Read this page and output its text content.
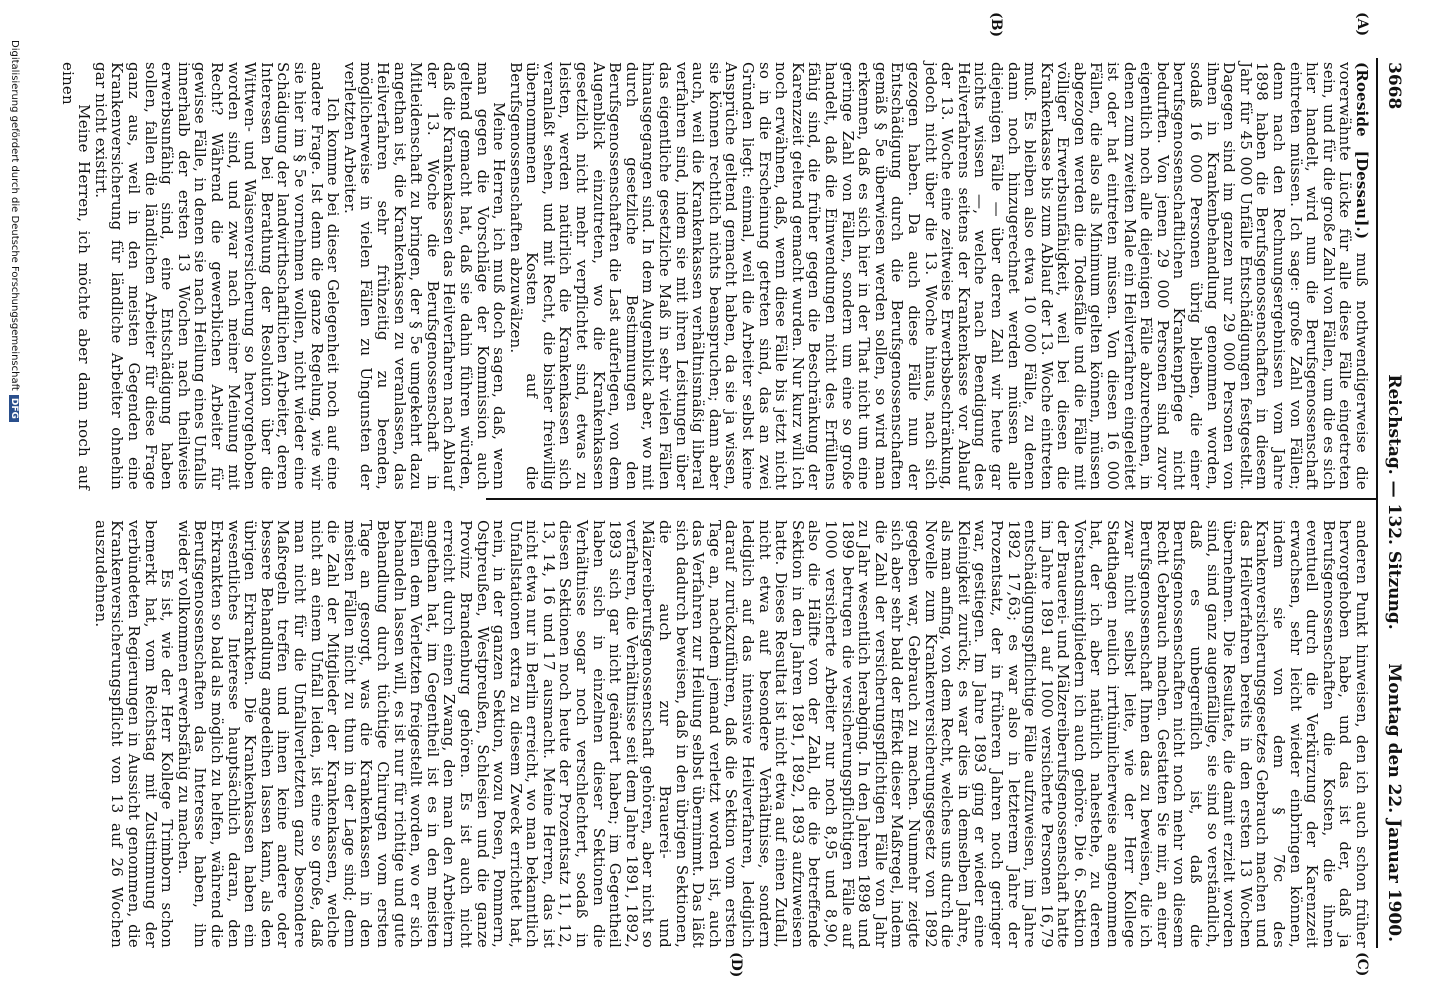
3668
Reichstag. — 132. Sitzung.
Montag den 22. Januar 1900.
(A)
(B)
(C)
(D)
(Roeside [Dessau].) muß nothwendigerweise die vorerwähnte Lücke für alle diese Fälle eingetreten sein, und für die große Zahl von Fällen, um die es sich hier handelt, wird nun die Berufsgenossenschaft eintreten müssen. Ich sage: große Zahl von Fällen; denn nach den Rechnungsergebnissen vom Jahre 1898 haben die Berufsgenossenschaften in diesem Jahr für 45 000 Unfälle Entschädigungen festgestellt. Dagegen sind im ganzen nur 29 000 Personen von ihnen in Krankenbehandlung genommen worden, sodaß 16 000 Personen übrig bleiben, die einer berufsgenossenschaftlichen Krankenpflege nicht bedurften. Von jenen 29 000 Personen sind zuvor eigentlich noch alle diejenigen Fälle abzurechnen, in denen zum zweiten Male ein Heilverfahren eingeleitet ist oder hat eintreten müssen. Von diesen 16 000 Fällen, die also als Minimum gelten können, müssen abgezogen werden die Todesfälle und die Fälle mit völliger Erwerbsunfähigkeit, weil bei diesen die Krankenkasse bis zum Ablauf der 13. Woche eintreten muß. Es bleiben also etwa 10 000 Fälle, zu denen dann noch hinzugerechnet werden müssen alle diejenigen Fälle — über deren Zahl wir heute gar nichts wissen —, welche nach Beendigung des Heilverfahrens seitens der Krankenkasse vor Ablauf der 13. Woche eine zeitweise Erwerbsbeschränkung, jedoch nicht über die 13. Woche hinaus, nach sich gezogen haben. Da auch diese Fälle nun der Entschädigung durch die Berufsgenossenschaften gemäß § 5e überwiesen werden sollen, so wird man erkennen, daß es sich hier in der That nicht um eine geringe Zahl von Fällen, sondern um eine so große handelt, daß die Einwendungen nicht des Erfüllens fähig sind, die früher gegen die Beschränkung der Karenzzeit geltend gemacht wurden. Nur kurz will ich noch erwähnen, daß, wenn diese Fälle bis jetzt nicht so in die Erscheinung getreten sind, das an zwei Gründen liegt: einmal, weil die Arbeiter selbst keine Ansprüche geltend gemacht haben, da sie ja wissen, sie können rechtlich nichts beanspruchen; dann aber auch, weil die Krankenkassen verhältnismäßig liberal verfahren sind, indem sie mit ihren Leistungen über das eigentliche gesetzliche Maß in sehr vielen Fällen hinausgegangen sind. In dem Augenblick aber, wo mit durch gesetzliche Bestimmungen den Berufsgenossenschaften die Last auferlegen, von dem Augenblick einzutreten, wo die Krankenkassen gesetzlich nicht mehr verpflichtet sind, etwas zu leisten, werden natürlich die Krankenkassen sich veranlaßt sehen, und mit Recht, die bisher freiwillig übernommenen Kosten auf die Berufsgenossenschaften abzuwälzen.
Meine Herren, ich muß doch sagen, daß, wenn man gegen die Vorschläge der Kommission auch geltend gemacht hat, daß sie dahin führen würden, daß die Krankenkassen das Heilverfahren nach Ablauf der 13. Woche die Berufsgenossenschaft in Mitleidenschaft zu bringen, der § 5e umgekehrt dazu angethan ist, die Krankenkassen zu veranlassen, das Heilverfahren sehr frühzeitig zu beenden, möglicherweise in vielen Fällen zu Ungunsten der verletzten Arbeiter.
Ich komme bei dieser Gelegenheit noch auf eine andere Frage. Ist denn die ganze Regelung, wie wir sie hier im § 5e vornehmen wollen, nicht wieder eine Schädigung der landwirthschaftlichen Arbeiter, deren Interessen bei Berathung der Resolution über die Wittwen- und Waisenversicherung so hervorgehoben worden sind, und zwar nach meiner Meinung mit Recht? Während die gewerblichen Arbeiter für gewisse Fälle, in denen sie nach Heilung eines Unfalls innerhalb der ersten 13 Wochen nach theilweise erwerbsunfähig sind, eine Entschädigung haben sollen, fallen die ländlichen Arbeiter für diese Frage ganz aus, weil in den meisten Gegenden eine Krankenversicherung für ländliche Arbeiter ohnehin gar nicht existirt.
Meine Herren, ich möchte aber dann noch auf einen
anderen Punkt hinweisen, den ich auch schon früher hervorgehoben habe, und das ist der, daß ja Berufsgenossenschaften die Kosten, die ihnen eventuell durch die Verkürzung der Karenzzeit erwachsen, sehr leicht wieder einbringen können, indem sie von dem § 76c des Krankenversicherungsgesetzes Gebrauch machen und das Heilverfahren bereits in den ersten 13 Wochen übernehmen. Die Resultate, die damit erzielt worden sind, sind ganz augenfällige, sie sind so verständlich, daß es unbegreiflich ist, daß die Berufsgenossenschaften nicht noch mehr von diesem Recht Gebrauch machen. Gestatten Sie mir, an einer Berufsgenossenschaft Ihnen das zu beweisen, die ich zwar nicht selbst leite, wie der Herr Kollege Stadthagen neulich irrthümlicherweise angenommen hat, der ich aber natürlich nahestehe, zu deren Vorstandsmitgliedern ich auch gehöre. Die 6. Sektion der Brauerei- und Mälzereiberufsgenossenschaft hatte im Jahre 1891 auf 1000 versicherte Personen 16,79 entschädigungspflichtige Fälle aufzuweisen, im Jahre 1892 17,63; es war also in letzterem Jahre der Prozentsatz, der in früheren Jahren noch geringer war, gestiegen. Im Jahre 1893 ging er wieder eine Kleinigkeit zurück; es war dies in demselben Jahre, als man anfing, von dem Recht, welches uns durch die Novelle zum Krankenversicherungsgesetz von 1892 gegeben war, Gebrauch zu machen. Nunmehr zeigte sich aber sehr bald der Effekt dieser Maßregel, indem die Zahl der versicherungspflichtigen Fälle von Jahr zu Jahr wesentlich herabging. In den Jahren 1898 und 1899 betrugen die versicherungspflichtigen Fälle auf 1000 versicherte Arbeiter nur noch 8,95 und 8,90, also die Hälfte von der Zahl, die die betreffende Sektion in den Jahren 1891, 1892, 1893 aufzuweisen hatte. Dieses Resultat ist nicht etwa auf einen Zufall, nicht etwa auf besondere Verhältnisse, sondern lediglich auf das intensive Heilverfahren, lediglich darauf zurückzuführen, daß die Sektion vom ersten Tage an, nachdem jemand verletzt worden ist, auch das Verfahren zur Heilung selbst übernimmt. Das läßt sich dadurch beweisen, daß in den übrigen Sektionen, die auch zur Brauerei- und Mälzereiberufsgenossenschaft gehören, aber nicht so verfahren, die Verhältnisse seit dem Jahre 1891, 1892, 1893 sich gar nicht geändert haben; im Gegentheil haben sich in einzelnen dieser Sektionen die Verhältnisse sogar noch verschlechtert, sodaß in diesen Sektionen noch heute der Prozentsatz 11, 12, 13, 14, 16 und 17 ausmacht. Meine Herren, das ist nicht etwa nur in Berlin erreicht, wo man bekanntlich Unfallstationen extra zu diesem Zweck errichtet hat, nein, in der ganzen Sektion, wozu Posen, Pommern, Ostpreußen, Westpreußen, Schlesien und die ganze Provinz Brandenburg gehören. Es ist auch nicht erreicht durch einen Zwang, den man den Arbeitern angethan hat, im Gegentheil ist es in den meisten Fällen dem Verletzten freigestellt worden, wo er sich behandeln lassen will, es ist nur für richtige und gute Behandlung durch tüchtige Chirurgen vom ersten Tage an gesorgt, was die Krankenkassen in den meisten Fällen nicht zu thun in der Lage sind; denn die Zahl der Mitglieder der Krankenkassen, welche nicht an einem Unfall leiden, ist eine so große, daß man nicht für die Unfallverletzten ganz besondere Maßregeln treffen und ihnen keine andere oder bessere Behandlung angedeihen lassen kann, als den übrigen Erkrankten. Die Krankenkassen haben ein wesentliches Interesse hauptsächlich daran, den Erkrankten so bald als möglich zu helfen, während die Berufsgenossenschaften das Interesse haben, ihn wieder vollkommen erwerbsfähig zu machen.
Es ist, wie der Herr Kollege Trimborn schon bemerkt hat, vom Reichstag mit Zustimmung der verbündeten Regierungen in Aussicht genommen, die Krankenversicherungspflicht von 13 auf 26 Wochen auszudehnen.
Digitalisierung gefördert durch die Deutsche ForschungsgemeinschaftDFG
